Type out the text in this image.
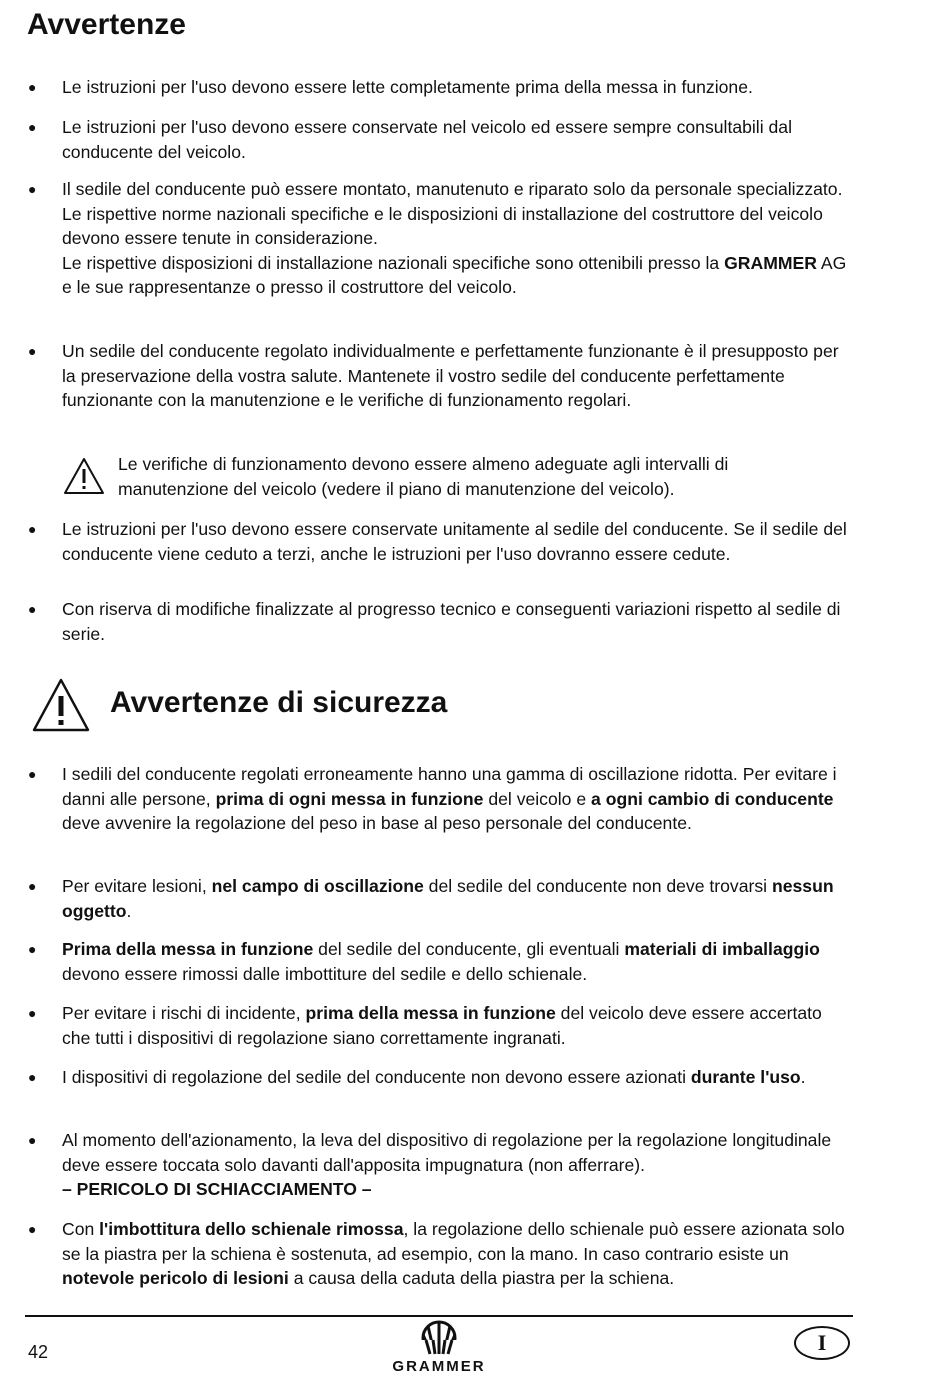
Avvertenze
● Le istruzioni per l'uso devono essere lette completamente prima della messa in funzione.
● Le istruzioni per l'uso devono essere conservate nel veicolo ed essere sempre consultabili dal conducente del veicolo.
● Il sedile del conducente può essere montato, manutenuto e riparato solo da personale specializzato.
Le rispettive norme nazionali specifiche e le disposizioni di installazione del costruttore del veicolo devono essere tenute in considerazione.
Le rispettive disposizioni di installazione nazionali specifiche sono ottenibili presso la GRAMMER AG e le sue rappresentanze o presso il costruttore del veicolo.
● Un sedile del conducente regolato individualmente e perfettamente funzionante è il presupposto per la preservazione della vostra salute. Mantenete il vostro sedile del conducente perfettamente funzionante con la manutenzione e le verifiche di funzionamento regolari.
Le verifiche di funzionamento devono essere almeno adeguate agli intervalli di manutenzione del veicolo (vedere il piano di manutenzione del veicolo).
● Le istruzioni per l'uso devono essere conservate unitamente al sedile del conducente. Se il sedile del conducente viene ceduto a terzi, anche le istruzioni per l'uso dovranno essere cedute.
● Con riserva di modifiche finalizzate al progresso tecnico e conseguenti variazioni rispetto al sedile di serie.
Avvertenze di sicurezza
● I sedili del conducente regolati erroneamente hanno una gamma di oscillazione ridotta. Per evitare i danni alle persone, prima di ogni messa in funzione del veicolo e a ogni cambio di conducente deve avvenire la regolazione del peso in base al peso personale del conducente.
● Per evitare lesioni, nel campo di oscillazione del sedile del conducente non deve trovarsi nessun oggetto.
● Prima della messa in funzione del sedile del conducente, gli eventuali materiali di imballaggio devono essere rimossi dalle imbottiture del sedile e dello schienale.
● Per evitare i rischi di incidente, prima della messa in funzione del veicolo deve essere accertato che tutti i dispositivi di regolazione siano correttamente ingranati.
● I dispositivi di regolazione del sedile del conducente non devono essere azionati durante l'uso.
● Al momento dell'azionamento, la leva del dispositivo di regolazione per la regolazione longitudinale deve essere toccata solo davanti dall'apposita impugnatura (non afferrare).
– PERICOLO DI SCHIACCIAMENTO –
● Con l'imbottitura dello schienale rimossa, la regolazione dello schienale può essere azionata solo se la piastra per la schiena è sostenuta, ad esempio, con la mano. In caso contrario esiste un notevole pericolo di lesioni a causa della caduta della piastra per la schiena.
42
GRAMMER
I
